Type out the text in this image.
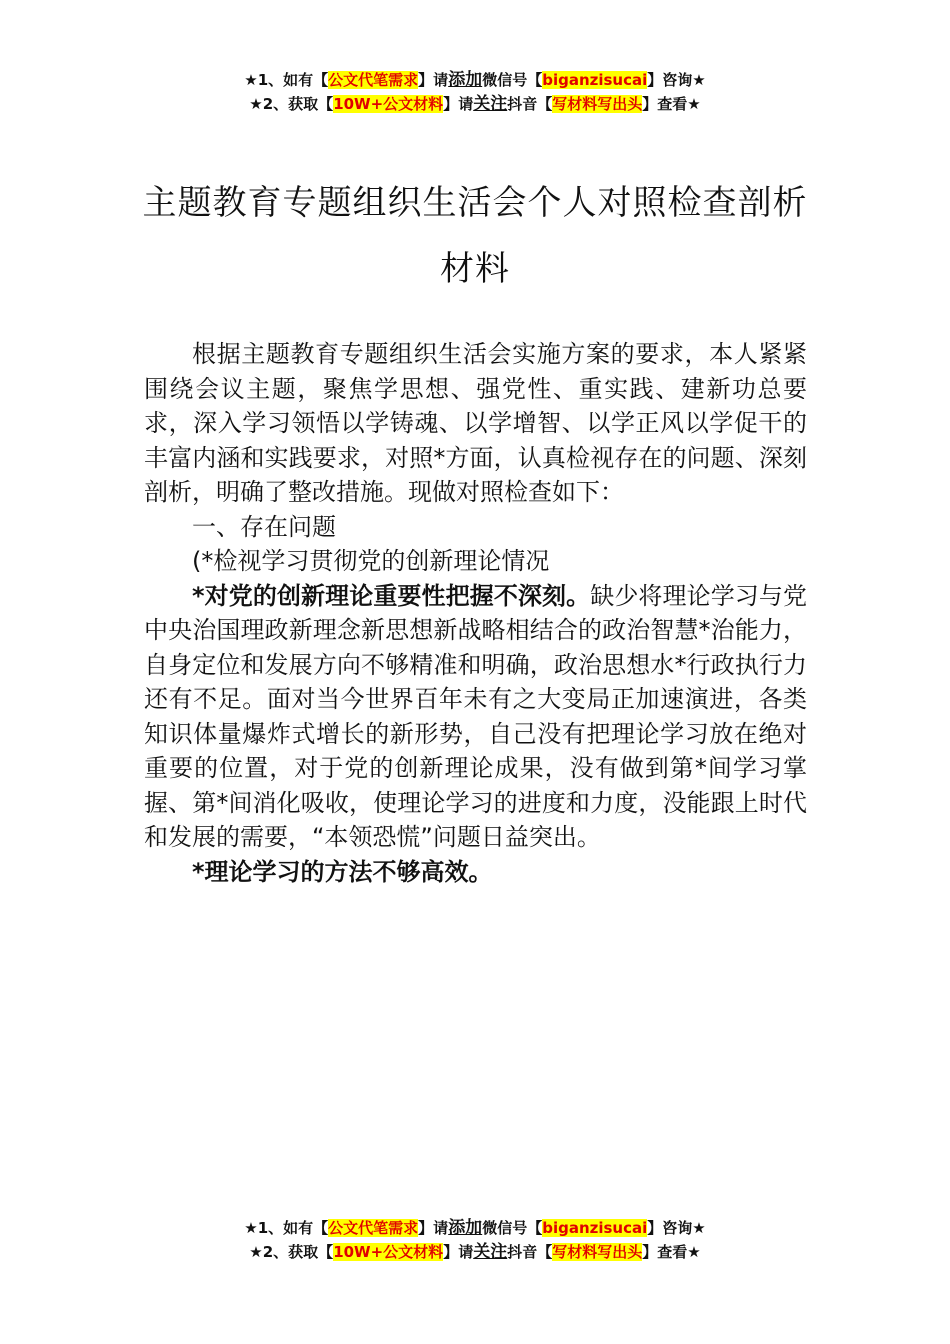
★1、如有【公文代笔需求】请添加微信号【biganzisucai】咨询★
★2、获取【10W+公文材料】请关注抖音【写材料写出头】查看★
主题教育专题组织生活会个人对照检查剖析材料

根据主题教育专题组织生活会实施方案的要求，本人紧紧围绕会议主题，聚焦学思想、强党性、重实践、建新功总要求，深入学习领悟以学铸魂、以学增智、以学正风以学促干的丰富内涵和实践要求，对照*方面，认真检视存在的问题、深刻剖析，明确了整改措施。现做对照检查如下：

一、存在问题

(*检视学习贯彻党的创新理论情况

*对党的创新理论重要性把握不深刻。缺少将理论学习与党中央治国理政新理念新思想新战略相结合的政治智慧*治能力，自身定位和发展方向不够精准和明确，政治思想水*行政执行力还有不足。面对当今世界百年未有之大变局正加速演进，各类知识体量爆炸式增长的新形势，自己没有把理论学习放在绝对重要的位置，对于党的创新理论成果，没有做到第*间学习掌握、第*间消化吸收，使理论学习的进度和力度，没能跟上时代和发展的需要，“本领恐慌”问题日益突出。

*理论学习的方法不够高效。

★1、如有【公文代笔需求】请添加微信号【biganzisucai】咨询★
★2、获取【10W+公文材料】请关注抖音【写材料写出头】查看★
